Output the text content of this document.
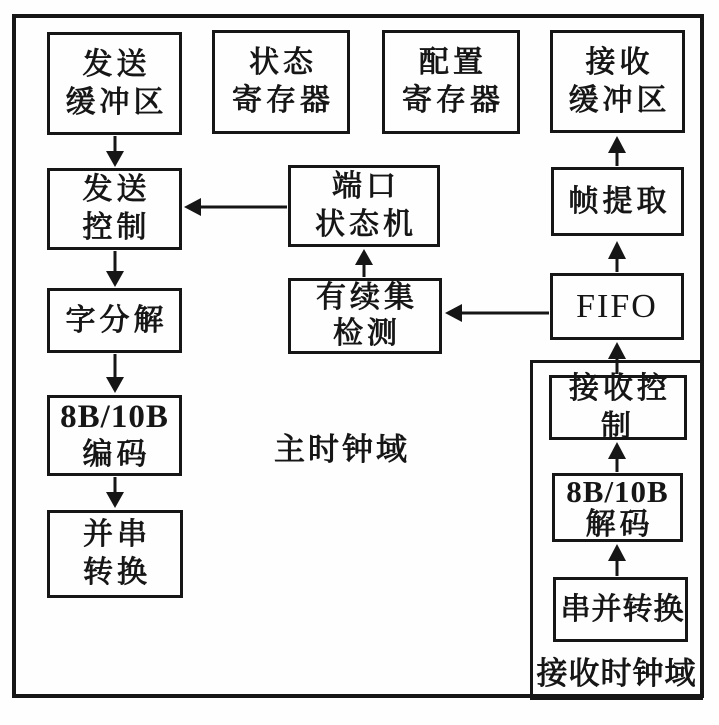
发送
缓冲区
状态
寄存器
配置
寄存器
接收
缓冲区
发送
控制
端口
状态机
帧提取
字分解
有续集
检测
FIFO
8B/10B
编码
接收控制
并串
转换
8B/10B
解码
串并转换
主时钟域
接收时钟域
